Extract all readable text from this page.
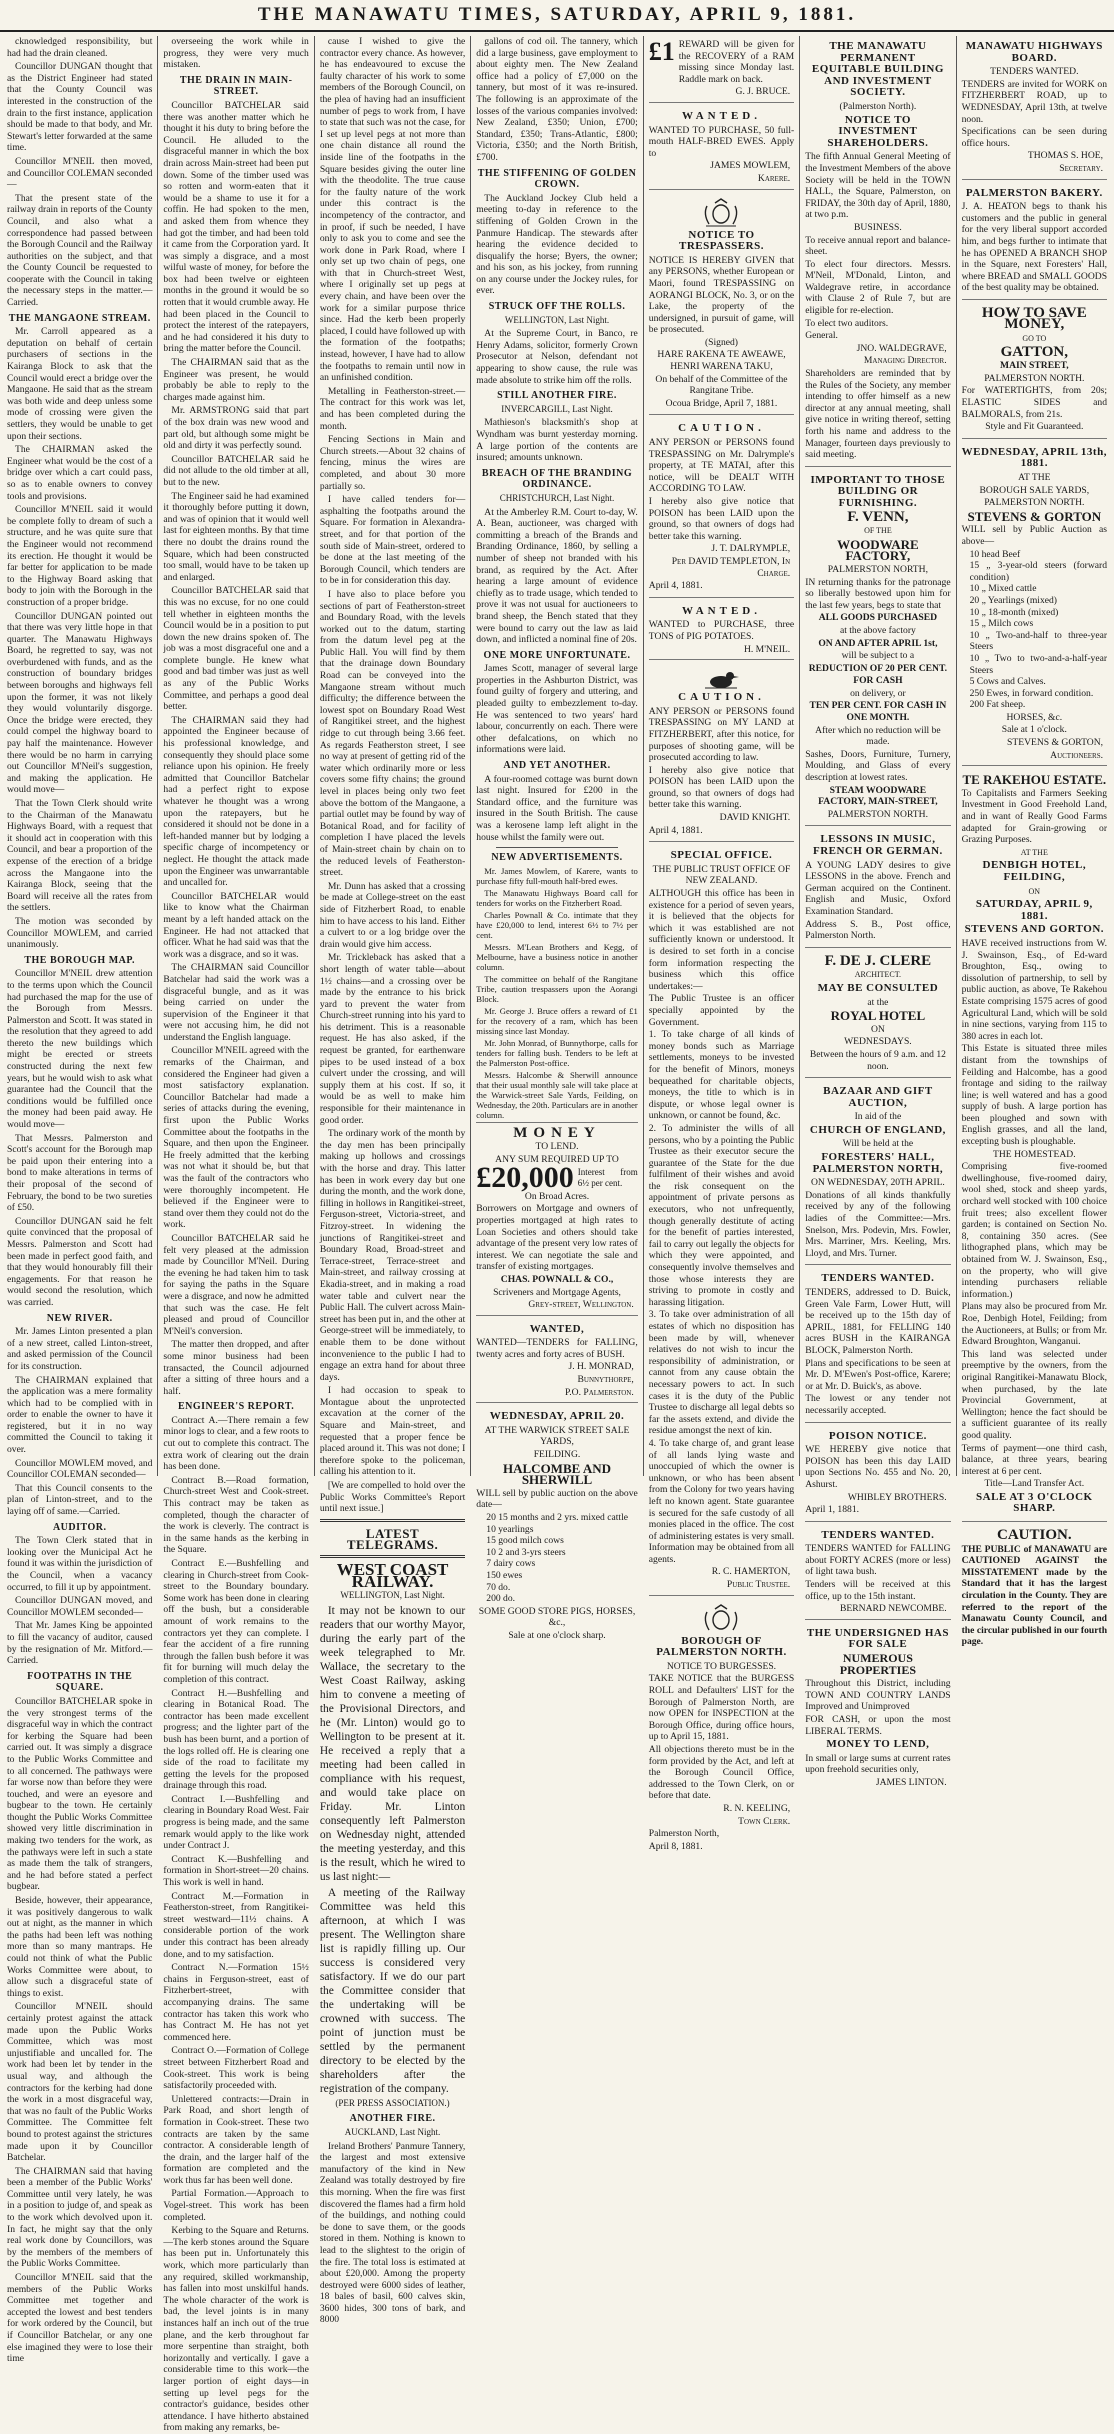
THE MANAWATU TIMES, SATURDAY, APRIL 9, 1881.

cknowledged responsibility, but had had the drain cleaned.

Councillor DUNGAN thought that as the District Engineer had stated that the County Council was interested in the construction of the drain to the first instance, application should be made to that body, and Mr. Stewart's letter forwarded at the same time.

Councillor M'NEIL then moved, and Councillor COLEMAN seconded—

That the present state of the railway drain in reports of the County Council, and also what a correspondence had passed between the Borough Council and the Railway authorities on the subject, and that the County Council be requested to cooperate with the Council in taking the necessary steps in the matter.—Carried.

THE MANGAONE STREAM.

Mr. Carroll appeared as a deputation on behalf of certain purchasers of sections in the Kairanga Block to ask that the Council would erect a bridge over the Mangaone. He said that as the stream was both wide and deep unless some mode of crossing were given the settlers, they would be unable to get upon their sections.

The CHAIRMAN asked the Engineer what would be the cost of a bridge over which a cart could pass, so as to enable owners to convey tools and provisions.

Councillor M'NEIL said it would be complete folly to dream of such a structure, and he was quite sure that the Engineer would not recommend its erection. He thought it would be far better for application to be made to the Highway Board asking that body to join with the Borough in the construction of a proper bridge.

Councillor DUNGAN pointed out that there was very little hope in that quarter. The Manawatu Highways Board, he regretted to say, was not overburdened with funds, and as the construction of boundary bridges between boroughs and highways fell upon the former, it was not likely they would voluntarily disgorge. Once the bridge were erected, they could compel the highway board to pay half the maintenance. However there would be no harm in carrying out Councillor M'Neil's suggestion, and making the application. He would move—

That the Town Clerk should write to the Chairman of the Manawatu Highways Board, with a request that it should act in cooperation with this Council, and bear a proportion of the expense of the erection of a bridge across the Mangaone into the Kairanga Block, seeing that the Board will receive all the rates from the settlers.

The motion was seconded by Councillor MOWLEM, and carried unanimously.

THE BOROUGH MAP.

Councillor M'NEIL drew attention to the terms upon which the Council had purchased the map for the use of the Borough from Messrs. Palmerston and Scott. It was stated in the resolution that they agreed to add thereto the new buildings which might be erected or streets constructed during the next few years, but he would wish to ask what guarantee had the Council that the conditions would be fulfilled once the money had been paid away. He would move—

That Messrs. Palmerston and Scott's account for the Borough map be paid upon their entering into a bond to make alterations in terms of their proposal of the second of February, the bond to be two sureties of £50.

Councillor DUNGAN said he felt quite convinced that the proposal of Messrs. Palmerston and Scott had been made in perfect good faith, and that they would honourably fill their engagements. For that reason he would second the resolution, which was carried.

NEW RIVER.

Mr. James Linton presented a plan of a new street, called Linton-street, and asked permission of the Council for its construction.

The CHAIRMAN explained that the application was a mere formality which had to be complied with in order to enable the owner to have it registered, but it in no way committed the Council to taking it over.

Councillor MOWLEM moved, and Councillor COLEMAN seconded—

That this Council consents to the plan of Linton-street, and to the laying off of same.—Carried.

AUDITOR.

The Town Clerk stated that in looking over the Municipal Act he found it was within the jurisdiction of the Council, when a vacancy occurred, to fill it up by appointment.

Councillor DUNGAN moved, and Councillor MOWLEM seconded—

That Mr. James King be appointed to fill the vacancy of auditor, caused by the resignation of Mr. Mitford.—Carried.

FOOTPATHS IN THE SQUARE.

Councillor BATCHELAR spoke in the very strongest terms of the disgraceful way in which the contract for kerbing the Square had been carried out. It was simply a disgrace to the Public Works Committee and to all concerned. The pathways were far worse now than before they were touched, and were an eyesore and bugbear to the town. He certainly thought the Public Works Committee showed very little discrimination in making two tenders for the work, as the pathways were left in such a state as made them the talk of strangers, and he had before stated a perfect bugbear.

Beside, however, their appearance, it was positively dangerous to walk out at night, as the manner in which the paths had been left was nothing more than so many mantraps. He could not think of what the Public Works Committee were about, to allow such a disgraceful state of things to exist.

Councillor M'NEIL should certainly protest against the attack made upon the Public Works Committee, which was most unjustifiable and uncalled for. The work had been let by tender in the usual way, and although the contractors for the kerbing had done the work in a most disgraceful way, that was no fault of the Public Works Committee. The Committee felt bound to protest against the strictures made upon it by Councillor Batchelar.

The CHAIRMAN said that having been a member of the Public Works' Committee until very lately, he was in a position to judge of, and speak as to the work which devolved upon it. In fact, he might say that the only real work done by Councillors, was by the members of the members of the Public Works Committee.

Councillor M'NEIL said that the members of the Public Works Committee met together and accepted the lowest and best tenders for work ordered by the Council, but if Councillor Batchelar, or any one else imagined they were to lose their time

overseeing the work while in progress, they were very much mistaken.

THE DRAIN IN MAIN-STREET.

Councillor BATCHELAR said there was another matter which he thought it his duty to bring before the Council. He alluded to the disgraceful manner in which the box drain across Main-street had been put down. Some of the timber used was so rotten and worm-eaten that it would be a shame to use it for a coffin. He had spoken to the men, and asked them from whence they had got the timber, and had been told it came from the Corporation yard. It was simply a disgrace, and a most wilful waste of money, for before the box had been twelve or eighteen months in the ground it would be so rotten that it would crumble away. He had been placed in the Council to protect the interest of the ratepayers, and he had considered it his duty to bring the matter before the Council.

The CHAIRMAN said that as the Engineer was present, he would probably be able to reply to the charges made against him.

Mr. ARMSTRONG said that part of the box drain was new wood and part old, but although some might be old and dirty it was perfectly sound.

Councillor BATCHELAR said he did not allude to the old timber at all, but to the new.

The Engineer said he had examined it thoroughly before putting it down, and was of opinion that it would well last for eighteen months. By that time there no doubt the drains round the Square, which had been constructed too small, would have to be taken up and enlarged.

Councillor BATCHELAR said that this was no excuse, for no one could tell whether in eighteen months the Council would be in a position to put down the new drains spoken of. The job was a most disgraceful one and a complete bungle. He knew what good and bad timber was just as well as any of the Public Works Committee, and perhaps a good deal better.

The CHAIRMAN said they had appointed the Engineer because of his professional knowledge, and consequently they should place some reliance upon his opinion. He freely admitted that Councillor Batchelar had a perfect right to expose whatever he thought was a wrong upon the ratepayers, but he considered it should not be done in a left-handed manner but by lodging a specific charge of incompetency or neglect. He thought the attack made upon the Engineer was unwarrantable and uncalled for.

Councillor BATCHELAR would like to know what the Chairman meant by a left handed attack on the Engineer. He had not attacked that officer. What he had said was that the work was a disgrace, and so it was.

The CHAIRMAN said Councillor Batchelar had said the work was a disgraceful bungle, and as it was being carried on under the supervision of the Engineer it that were not accusing him, he did not understand the English language.

Councillor M'NEIL agreed with the remarks of the Chairman, and considered the Engineer had given a most satisfactory explanation. Councillor Batchelar had made a series of attacks during the evening, first upon the Public Works Committee about the footpaths in the Square, and then upon the Engineer. He freely admitted that the kerbing was not what it should be, but that was the fault of the contractors who were thoroughly incompetent. He believed if the Engineer were to stand over them they could not do the work.

Councillor BATCHELAR said he felt very pleased at the admission made by Councillor M'Neil. During the evening he had taken him to task for saying the paths in the Square were a disgrace, and now he admitted that such was the case. He felt pleased and proud of Councillor M'Neil's conversion.

The matter then dropped, and after some minor business had been transacted, the Council adjourned after a sitting of three hours and a half.

ENGINEER'S REPORT.

Contract A.—There remain a few minor logs to clear, and a few roots to cut out to complete this contract. The extra work of clearing out the drain has been done.

Contract B.—Road formation, Church-street West and Cook-street. This contract may be taken as completed, though the character of the work is cleverly. The contract is in the same hands as the kerbing in the Square.

Contract E.—Bushfelling and clearing in Church-street from Cook-street to the Boundary boundary. Some work has been done in clearing off the bush, but a considerable amount of work remains to the contractors yet they can complete. I fear the accident of a fire running through the fallen bush before it was fit for burning will much delay the completion of this contract.

Contract H.—Bushfelling and clearing in Botanical Road. The contractor has been made excellent progress; and the lighter part of the bush has been burnt, and a portion of the logs rolled off. He is clearing one side of the road to facilitate my getting the levels for the proposed drainage through this road.

Contract I.—Bushfelling and clearing in Boundary Road West. Fair progress is being made, and the same remark would apply to the like work under Contract J.

Contract K.—Bushfelling and formation in Short-street—20 chains. This work is well in hand.

Contract M.—Formation in Featherston-street, from Rangitikei-street westward—11½ chains. A considerable portion of the work under this contract has been already done, and to my satisfaction.

Contract N.—Formation 15½ chains in Ferguson-street, east of Fitzherbert-street, with accompanying drains. The same contractor has taken this work who has Contract M. He has not yet commenced here.

Contract O.—Formation of College street between Fitzherbert Road and Cook-street. This work is being satisfactorily proceeded with.

Unlettered contracts:—Drain in Park Road, and short length of formation in Cook-street. These two contracts are taken by the same contractor. A considerable length of the drain, and the larger half of the formation are completed and the work thus far has been well done.

Partial Formation.—Approach to Vogel-street. This work has been completed.

Kerbing to the Square and Returns.—The kerb stones around the Square has been put in. Unfortunately this work, which more particularly than any required, skilled workmanship, has fallen into most unskilful hands. The whole character of the work is bad, the level joints is in many instances half an inch out of the true plane, and the kerb throughout far more serpentine than straight, both horizontally and vertically. I gave a considerable time to this work—the larger portion of eight days—in setting up level pegs for the contractor's guidance, besides other attendance. I have hitherto abstained from making any remarks, be-

cause I wished to give the contractor every chance. As however, he has endeavoured to excuse the faulty character of his work to some members of the Borough Council, on the plea of having had an insufficient number of pegs to work from, I have to state that such was not the case, for I set up level pegs at not more than one chain distance all round the inside line of the footpaths in the Square besides giving the outer line with the theodolite. The true cause for the faulty nature of the work under this contract is the incompetency of the contractor, and in proof, if such be needed, I have only to ask you to come and see the work done in Park Road, where I only set up two chain of pegs, one with that in Church-street West, where I originally set up pegs at every chain, and have been over the work for a similar purpose thrice since. Had the kerb been properly placed, I could have followed up with the formation of the footpaths; instead, however, I have had to allow the footpaths to remain until now in an unfinished condition.

Metalling in Featherston-street.—The contract for this work was let, and has been completed during the month.

Fencing Sections in Main and Church streets.—About 32 chains of fencing, minus the wires are completed, and about 30 more partially so.

I have called tenders for—asphalting the footpaths around the Square. For formation in Alexandra-street, and for that portion of the south side of Main-street, ordered to be done at the last meeting of the Borough Council, which tenders are to be in for consideration this day.

I have also to place before you sections of part of Featherston-street and Boundary Road, with the levels worked out to the datum, starting from the datum level peg at the Public Hall. You will find by them that the drainage down Boundary Road can be conveyed into the Mangaone stream without much difficulty; the difference between the lowest spot on Boundary Road West of Rangitikei street, and the highest ridge to cut through being 3.66 feet. As regards Featherston street, I see no way at present of getting rid of the water which ordinarily more or less covers some fifty chains; the ground level in places being only two feet above the bottom of the Mangaone, a partial outlet may be found by way of Botanical Road, and for facility of completion I have placed the levels of Main-street chain by chain on to the reduced levels of Featherston-street.

Mr. Dunn has asked that a crossing be made at College-street on the east side of Fitzherbert Road, to enable him to have access to his land. Either a culvert to or a log bridge over the drain would give him access.

Mr. Trickleback has asked that a short length of water table—about 1½ chains—and a crossing over be made by the entrance to his brick yard to prevent the water from Church-street running into his yard to his detriment. This is a reasonable request. He has also asked, if the request be granted, for earthenware pipes to be used instead of a box culvert under the crossing, and will supply them at his cost. If so, it would be as well to make him responsible for their maintenance in good order.

The ordinary work of the month by the day men has been principally making up hollows and crossings with the horse and dray. This latter has been in work every day but one during the month, and the work done, filling in hollows in Rangitikei-street, Ferguson-street, Victoria-street, and Fitzroy-street. In widening the junctions of Rangitikei-street and Boundary Road, Broad-street and Terrace-street, Terrace-street and Main-street, and railway crossing at Ekadia-street, and in making a road water table and culvert near the Public Hall. The culvert across Main-street has been put in, and the other at George-street will be immediately, to enable them to be done without inconvenience to the public I had to engage an extra hand for about three days.

I had occasion to speak to Montague about the unprotected excavation at the corner of the Square and Main-street, and requested that a proper fence be placed around it. This was not done; I therefore spoke to the policeman, calling his attention to it.

[We are compelled to hold over the Public Works Committee's Report until next issue.]

LATEST TELEGRAMS.
WEST COAST RAILWAY.

WELLINGTON, Last Night.

It may not be known to our readers that our worthy Mayor, during the early part of the week telegraphed to Mr. Wallace, the secretary to the West Coast Railway, asking him to convene a meeting of the Provisional Directors, and he (Mr. Linton) would go to Wellington to be present at it. He received a reply that a meeting had been called in compliance with his request, and would take place on Friday. Mr. Linton consequently left Palmerston on Wednesday night, attended the meeting yesterday, and this is the result, which he wired to us last night:—

A meeting of the Railway Committee was held this afternoon, at which I was present. The Wellington share list is rapidly filling up. Our success is considered very satisfactory. If we do our part the Committee consider that the undertaking will be crowned with success. The point of junction must be settled by the permanent directory to be elected by the shareholders after the registration of the company.

(PER PRESS ASSOCIATION.)

ANOTHER FIRE.

AUCKLAND, Last Night.

Ireland Brothers' Panmure Tannery, the largest and most extensive manufactory of the kind in New Zealand was totally destroyed by fire this morning. When the fire was first discovered the flames had a firm hold of the buildings, and nothing could be done to save them, or the goods stored in them. Nothing is known to lead to the slightest to the origin of the fire. The total loss is estimated at about £20,000. Among the property destroyed were 6000 sides of leather, 18 bales of basil, 600 calves skin, 3600 hides, 300 tons of bark, and 8000

gallons of cod oil. The tannery, which did a large business, gave employment to about eighty men. The New Zealand office had a policy of £7,000 on the tannery, but most of it was re-insured. The following is an approximate of the losses of the various companies involved: New Zealand, £350; Union, £700; Standard, £350; Trans-Atlantic, £800; Victoria, £350; and the North British, £700.

THE STIFFENING OF GOLDEN CROWN.

The Auckland Jockey Club held a meeting to-day in reference to the stiffening of Golden Crown in the Panmure Handicap. The stewards after hearing the evidence decided to disqualify the horse; Byers, the owner; and his son, as his jockey, from running on any course under the Jockey rules, for ever.

STRUCK OFF THE ROLLS.

WELLINGTON, Last Night.

At the Supreme Court, in Banco, re Henry Adams, solicitor, formerly Crown Prosecutor at Nelson, defendant not appearing to show cause, the rule was made absolute to strike him off the rolls.

STILL ANOTHER FIRE.

INVERCARGILL, Last Night.

Mathieson's blacksmith's shop at Wyndham was burnt yesterday morning. A large portion of the contents are insured; amounts unknown.

BREACH OF THE BRANDING ORDINANCE.

CHRISTCHURCH, Last Night.

At the Amberley R.M. Court to-day, W. A. Bean, auctioneer, was charged with committing a breach of the Brands and Branding Ordinance, 1860, by selling a number of sheep not branded with his brand, as required by the Act. After hearing a large amount of evidence chiefly as to trade usage, which tended to prove it was not usual for auctioneers to brand sheep, the Bench stated that they were bound to carry out the law as laid down, and inflicted a nominal fine of 20s.

ONE MORE UNFORTUNATE.

James Scott, manager of several large properties in the Ashburton District, was found guilty of forgery and uttering, and pleaded guilty to embezzlement to-day. He was sentenced to two years' hard labour, concurrently on each. There were other defalcations, on which no informations were laid.

AND YET ANOTHER.

A four-roomed cottage was burnt down last night. Insured for £200 in the Standard office, and the furniture was insured in the South British. The cause was a kerosene lamp left alight in the house whilst the family were out.

NEW ADVERTISEMENTS.

Mr. James Mowlem, of Karere, wants to purchase fifty full-mouth half-bred ewes.

The Manawatu Highways Board call for tenders for works on the Fitzherbert Road.

Charles Pownall & Co. intimate that they have £20,000 to lend, interest 6½ to 7½ per cent.

Messrs. M'Lean Brothers and Kegg, of Melbourne, have a business notice in another column.

The committee on behalf of the Rangitane Tribe, caution trespassers upon the Aorangi Block.

Mr. George J. Bruce offers a reward of £1 for the recovery of a ram, which has been missing since last Monday.

Mr. John Monrad, of Bunnythorpe, calls for tenders for falling bush. Tenders to be left at the Palmerston Post-office.

Messrs. Halcombe & Sherwill announce that their usual monthly sale will take place at the Warwick-street Sale Yards, Feilding, on Wednesday, the 20th. Particulars are in another column.

MONEY
TO LEND.
ANY SUM REQUIRED UP TO
£20,000 Interest from 6½ per cent.
On Broad Acres.

Borrowers on Mortgage and owners of properties mortgaged at high rates to Loan Societies and others should take advantage of the present very low rates of interest. We can negotiate the sale and transfer of existing mortgages.

CHAS. POWNALL & CO.,
Scriveners and Mortgage Agents,
Grey-street, Wellington.
WANTED,

WANTED—TENDERS for FALLING, twenty acres and forty acres of BUSH.

J. H. MONRAD,
Bunnythorpe,
P.O. Palmerston.
WEDNESDAY, APRIL 20.
AT THE WARWICK STREET SALE YARDS,
FEILDING.
HALCOMBE AND SHERWILL

WILL sell by public auction on the above date—

20 15 months and 2 yrs. mixed cattle
10 yearlings
15 good milch cows
10 2 and 3-yrs steers
7 dairy cows
150 ewes
70 do.
200 do.
SOME GOOD STORE PIGS, HORSES, &c.,
Sale at one o'clock sharp.
£1 REWARD will be given for the RECOVERY of a RAM missing since Monday last. Raddle mark on back.
G. J. BRUCE.
WANTED.

WANTED TO PURCHASE, 50 full-mouth HALF-BRED EWES. Apply to

JAMES MOWLEM,
Karere.
NOTICE TO TRESPASSERS.

NOTICE IS HEREBY GIVEN that any PERSONS, whether European or Maori, found TRESPASSING on AORANGI BLOCK, No. 3, or on the Lake, the property of the undersigned, in pursuit of game, will be prosecuted.

(Signed)
HARE RAKENA TE AWEAWE, HENRI WARENA TAKU,
On behalf of the Committee of the Rangitane Tribe.
Ocoua Bridge, April 7, 1881.
CAUTION.

ANY PERSON or PERSONS found TRESPASSING on Mr. Dalrymple's property, at TE MATAI, after this notice, will be DEALT WITH ACCORDING TO LAW.

I hereby also give notice that POISON has been LAID upon the ground, so that owners of dogs had better take this warning.

J. T. DALRYMPLE,
Per DAVID TEMPLETON, In Charge.
April 4, 1881.
WANTED.

WANTED to PURCHASE, three TONS of PIG POTATOES.

H. M'NEIL.
CAUTION.

ANY PERSON or PERSONS found TRESPASSING on MY LAND at FITZHERBERT, after this notice, for purposes of shooting game, will be prosecuted according to law.

I hereby also give notice that POISON has been LAID upon the ground, so that owners of dogs had better take this warning.

DAVID KNIGHT.
April 4, 1881.
SPECIAL OFFICE.
THE PUBLIC TRUST OFFICE OF NEW ZEALAND.

ALTHOUGH this office has been in existence for a period of seven years, it is believed that the objects for which it was established are not sufficiently known or understood. It is desired to set forth in a concise form information respecting the business which this office undertakes:—

The Public Trustee is an officer specially appointed by the Government.

1. To take charge of all kinds of money bonds such as Marriage settlements, moneys to be invested for the benefit of Minors, moneys bequeathed for charitable objects, moneys, the title to which is in dispute, or whose legal owner is unknown, or cannot be found, &c.

2. To administer the wills of all persons, who by a pointing the Public Trustee as their executor secure the guarantee of the State for the due fulfilment of their wishes and avoid the risk consequent on the appointment of private persons as executors, who not unfrequently, though generally destitute of acting for the benefit of parties interested, fail to carry out legally the objects for which they were appointed, and consequently involve themselves and those whose interests they are striving to promote in costly and harassing litigation.

3. To take over administration of all estates of which no disposition has been made by will, whenever relatives do not wish to incur the responsibility of administration, or cannot from any cause obtain the necessary powers to act. In such cases it is the duty of the Public Trustee to discharge all legal debts so far the assets extend, and divide the residue amongst the next of kin.

4. To take charge of, and grant lease of all lands lying waste and unoccupied of which the owner is unknown, or who has been absent from the Colony for two years having left no known agent. State guarantee is secured for the safe custody of all monies placed in the office. The cost of administering estates is very small. Information may be obtained from all agents.

R. C. HAMERTON,
Public Trustee.
BOROUGH OF PALMERSTON NORTH.
NOTICE TO BURGESSES.

TAKE NOTICE that the BURGESS ROLL and Defaulters' LIST for the Borough of Palmerston North, are now OPEN for INSPECTION at the Borough Office, during office hours, up to April 15, 1881.

All objections thereto must be in the form provided by the Act, and left at the Borough Council Office, addressed to the Town Clerk, on or before that date.

R. N. KEELING,
Town Clerk.
Palmerston North,
April 8, 1881.
THE MANAWATU PERMANENT EQUITABLE BUILDING AND INVESTMENT SOCIETY.
(Palmerston North).
NOTICE TO INVESTMENT SHAREHOLDERS.

The fifth Annual General Meeting of the Investment Members of the above Society will be held in the TOWN HALL, the Square, Palmerston, on FRIDAY, the 30th day of April, 1880, at two p.m.

BUSINESS.

To receive annual report and balance-sheet.

To elect four directors. Messrs. M'Neil, M'Donald, Linton, and Waldegrave retire, in accordance with Clause 2 of Rule 7, but are eligible for re-election.

To elect two auditors.

General.

JNO. WALDEGRAVE,
Managing Director.

Shareholders are reminded that by the Rules of the Society, any member intending to offer himself as a new director at any annual meeting, shall give notice in writing thereof, setting forth his name and address to the Manager, fourteen days previously to said meeting.

IMPORTANT TO THOSE BUILDING OR FURNISHING.
F. VENN,
OF THE
WOODWARE FACTORY,
PALMERSTON NORTH,

IN returning thanks for the patronage so liberally bestowed upon him for the last few years, begs to state that

ALL GOODS PURCHASED
at the above factory
ON AND AFTER APRIL 1st,
will be subject to a
REDUCTION OF 20 PER CENT.
FOR CASH
on delivery, or
TEN PER CENT. FOR CASH IN ONE MONTH.
After which no reduction will be made.

Sashes, Doors, Furniture, Turnery, Moulding, and Glass of every description at lowest rates.

STEAM WOODWARE FACTORY, MAIN-STREET,
PALMERSTON NORTH.
LESSONS IN MUSIC, FRENCH OR GERMAN.

A YOUNG LADY desires to give LESSONS in the above. French and German acquired on the Continent. English and Music, Oxford Examination Standard.

Address S. B., Post office, Palmerston North.

F. DE J. CLERE
ARCHITECT.
MAY BE CONSULTED
at the
ROYAL HOTEL
ON
WEDNESDAYS.
Between the hours of 9 a.m. and 12 noon.
BAZAAR AND GIFT AUCTION,
In aid of the
CHURCH OF ENGLAND,
Will be held at the
FORESTERS' HALL, PALMERSTON NORTH,
ON WEDNESDAY, 20TH APRIL.

Donations of all kinds thankfully received by any of the following ladies of the Committee:—Mrs. Snelson, Mrs. Podevin, Mrs. Fowler, Mrs. Marriner, Mrs. Keeling, Mrs. Lloyd, and Mrs. Turner.

TENDERS WANTED.

TENDERS, addressed to D. Buick, Green Vale Farm, Lower Hutt, will be received up to the 15th day of APRIL, 1881, for FELLING 140 acres BUSH in the KAIRANGA BLOCK, Palmerston North.

Plans and specifications to be seen at Mr. D. M'Ewen's Post-office, Karere; or at Mr. D. Buick's, as above.

The lowest or any tender not necessarily accepted.

POISON NOTICE.

WE HEREBY give notice that POISON has been this day LAID upon Sections No. 455 and No. 20, Ashurst.

WHIBLEY BROTHERS.
April 1, 1881.
TENDERS WANTED.

TENDERS WANTED for FALLING about FORTY ACRES (more or less) of light tawa bush.

Tenders will be received at this office, up to the 15th instant.

BERNARD NEWCOMBE.
THE UNDERSIGNED HAS FOR SALE
NUMEROUS PROPERTIES

Throughout this District, including TOWN AND COUNTRY LANDS Improved and Unimproved

FOR CASH, or upon the most LIBERAL TERMS.

MONEY TO LEND,

In small or large sums at current rates upon freehold securities only,

JAMES LINTON.
MANAWATU HIGHWAYS BOARD.
TENDERS WANTED.

TENDERS are invited for WORK on FITZHERBERT ROAD, up to WEDNESDAY, April 13th, at twelve noon.

Specifications can be seen during office hours.

THOMAS S. HOE,
Secretary.
PALMERSTON BAKERY.

J. A. HEATON begs to thank his customers and the public in general for the very liberal support accorded him, and begs further to intimate that he has OPENED A BRANCH SHOP in the Square, next Foresters' Hall, where BREAD and SMALL GOODS of the best quality may be obtained.

HOW TO SAVE MONEY,
GO TO
GATTON,
MAIN STREET,
PALMERSTON NORTH.

For WATERTIGHTS, from 20s; ELASTIC SIDES and BALMORALS, from 21s.

Style and Fit Guaranteed.
WEDNESDAY, APRIL 13th, 1881.
AT THE
BOROUGH SALE YARDS,
PALMERSTON NORTH.
STEVENS & GORTON

WILL sell by Public Auction as above—

10 head Beef
15 „ 3-year-old steers (forward condition)
10 „ Mixed cattle
20 „ Yearlings (mixed)
10 „ 18-month (mixed)
15 „ Milch cows
10 „ Two-and-half to three-year Steers
10 „ Two to two-and-a-half-year Steers
5 Cows and Calves.
250 Ewes, in forward condition.
200 Fat sheep.
HORSES, &c.
Sale at 1 o'clock.
STEVENS & GORTON,
Auctioneers.
TE RAKEHOU ESTATE.

To Capitalists and Farmers Seeking Investment in Good Freehold Land, and in want of Really Good Farms adapted for Grain-growing or Grazing Purposes.

AT THE
DENBIGH HOTEL, FEILDING,
ON
SATURDAY, APRIL 9, 1881.
STEVENS AND GORTON.

HAVE received instructions from W. J. Swainson, Esq., of Ed-ward Broughton, Esq., owing to dissolution of partnership, to sell by public auction, as above, Te Rakehou Estate comprising 1575 acres of good Agricultural Land, which will be sold in nine sections, varying from 115 to 380 acres in each lot.

This Estate is situated three miles distant from the townships of Feilding and Halcombe, has a good frontage and siding to the railway line; is well watered and has a good supply of bush. A large portion has been ploughed and sown with English grasses, and all the land, excepting bush is ploughable.

THE HOMESTEAD.

Comprising five-roomed dwellinghouse, five-roomed dairy, wool shed, stock and sheep yards, orchard well stocked with 100 choice fruit trees; also excellent flower garden; is contained on Section No. 8, containing 350 acres. (See lithographed plans, which may be obtained from W. J. Swainson, Esq., on the property, who will give intending purchasers reliable information.)

Plans may also be procured from Mr. Roe, Denbigh Hotel, Feilding; from the Auctioneers, at Bulls; or from Mr. Edward Broughton, Wanganui.

This land was selected under preemptive by the owners, from the original Rangitikei-Manawatu Block, when purchased, by the late Provincial Government, at Wellington; hence the fact should be a sufficient guarantee of its really good quality.

Terms of payment—one third cash, balance, at three years, bearing interest at 6 per cent.

Title—Land Transfer Act.
SALE AT 3 O'CLOCK SHARP.
CAUTION.

THE PUBLIC of MANAWATU are CAUTIONED AGAINST the MISSTATEMENT made by the Standard that it has the largest circulation in the County. They are referred to the report of the Manawatu County Council, and the circular published in our fourth page.
